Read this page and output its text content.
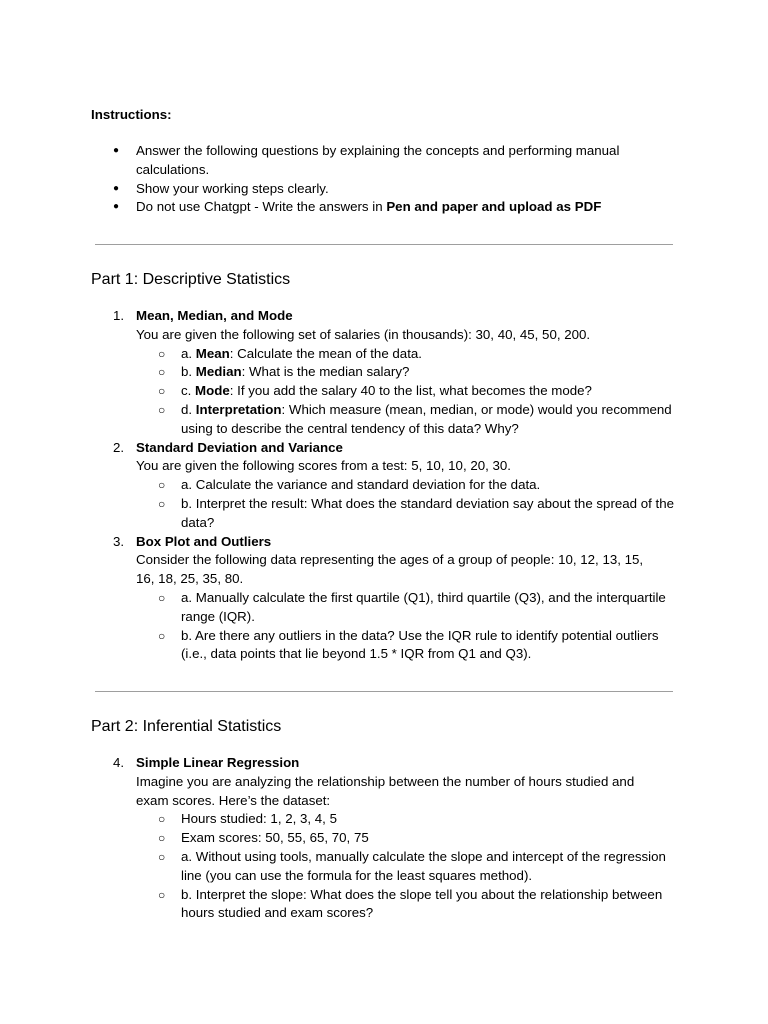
Instructions:

● Answer the following questions by explaining the concepts and performing manual calculations.
● Show your working steps clearly.
● Do not use Chatgpt - Write the answers in Pen and paper and upload as PDF
Part 1: Descriptive Statistics
1. Mean, Median, and Mode
You are given the following set of salaries (in thousands): 30, 40, 45, 50, 200.
○ a. Mean: Calculate the mean of the data.
○ b. Median: What is the median salary?
○ c. Mode: If you add the salary 40 to the list, what becomes the mode?
○ d. Interpretation: Which measure (mean, median, or mode) would you recommend using to describe the central tendency of this data? Why?
2. Standard Deviation and Variance
You are given the following scores from a test: 5, 10, 10, 20, 30.
○ a. Calculate the variance and standard deviation for the data.
○ b. Interpret the result: What does the standard deviation say about the spread of the data?
3. Box Plot and Outliers
Consider the following data representing the ages of a group of people: 10, 12, 13, 15, 16, 18, 25, 35, 80.
○ a. Manually calculate the first quartile (Q1), third quartile (Q3), and the interquartile range (IQR).
○ b. Are there any outliers in the data? Use the IQR rule to identify potential outliers (i.e., data points that lie beyond 1.5 * IQR from Q1 and Q3).
Part 2: Inferential Statistics
4. Simple Linear Regression
Imagine you are analyzing the relationship between the number of hours studied and exam scores. Here’s the dataset:
○ Hours studied: 1, 2, 3, 4, 5
○ Exam scores: 50, 55, 65, 70, 75
○ a. Without using tools, manually calculate the slope and intercept of the regression line (you can use the formula for the least squares method).
○ b. Interpret the slope: What does the slope tell you about the relationship between hours studied and exam scores?
